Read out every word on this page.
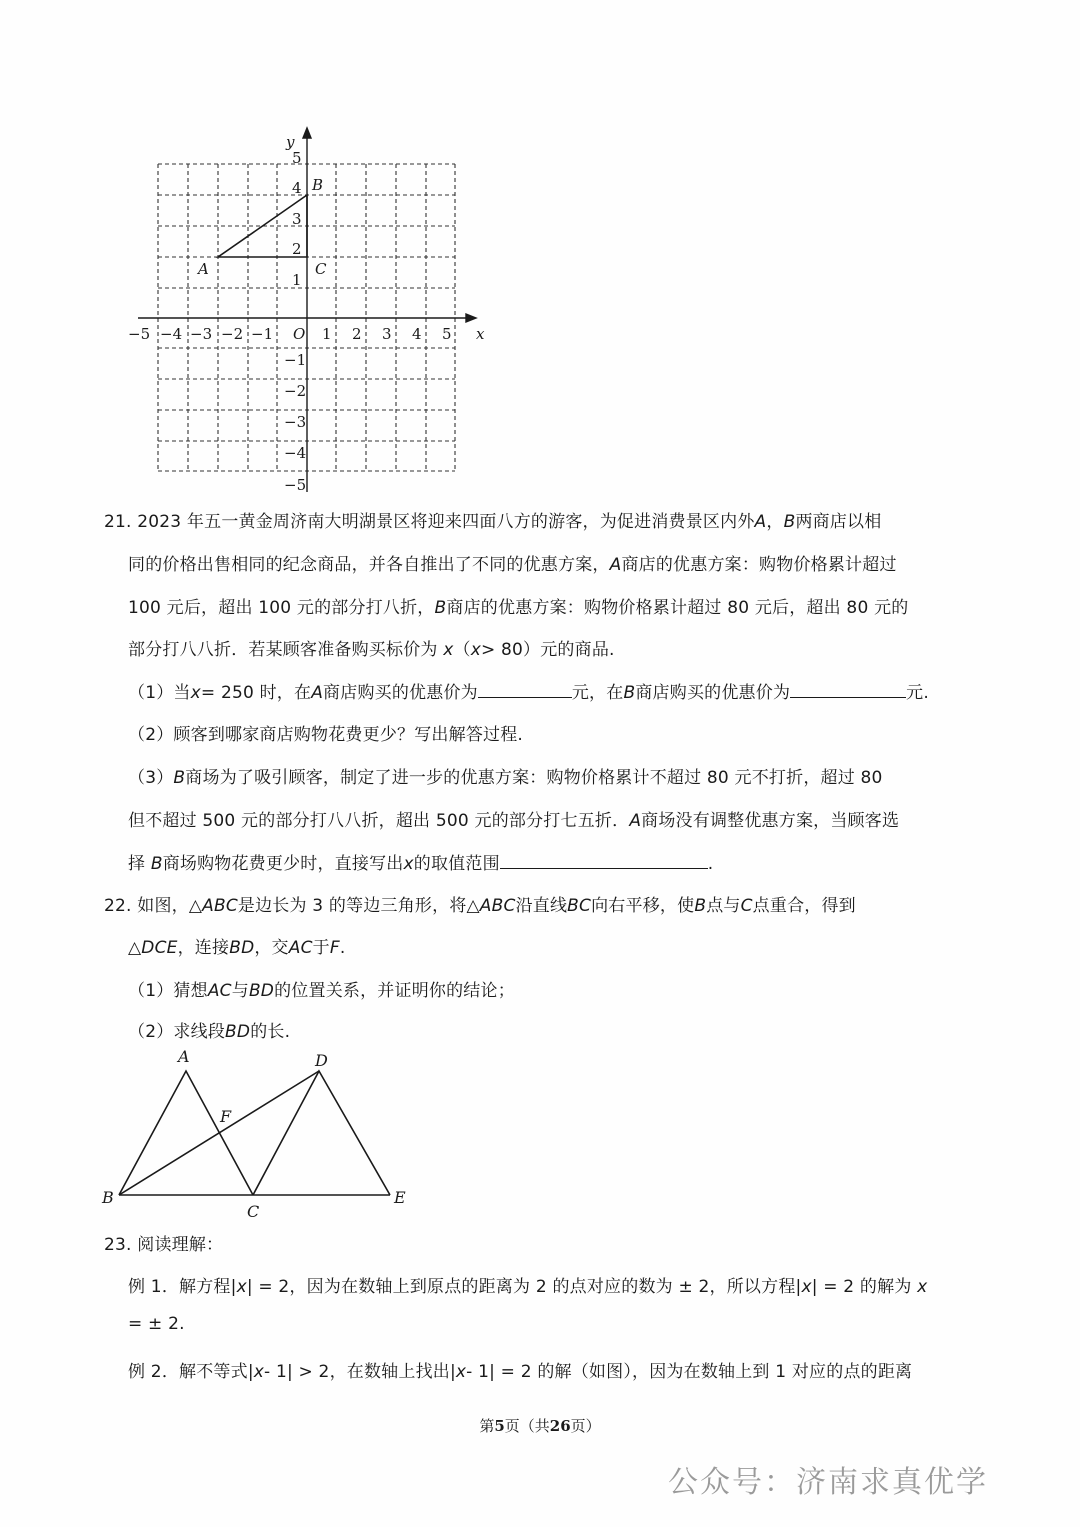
x
y
O
−5 −4 −3 −2 −1	1 2 3 4 5
1
2
3
4
5
−1
−2
−3
−4
−5
A
B
C
21. 2023 年五一黄金周济南大明湖景区将迎来四面八方的游客，为促进消费景区内外A，B两商店以相
同的价格出售相同的纪念商品，并各自推出了不同的优惠方案，A商店的优惠方案：购物价格累计超过
100 元后，超出 100 元的部分打八折，B商店的优惠方案：购物价格累计超过 80 元后，超出 80 元的
部分打八八折．若某顾客准备购买标价为 x（x> 80）元的商品.
（1）当x= 250 时，在A商店购买的优惠价为	元，在B商店购买的优惠价为	元.
（2）顾客到哪家商店购物花费更少？写出解答过程.
（3）B商场为了吸引顾客，制定了进一步的优惠方案：购物价格累计不超过 80 元不打折，超过 80
但不超过 500 元的部分打八八折，超出 500 元的部分打七五折．A商场没有调整优惠方案，当顾客选
择 B商场购物花费更少时，直接写出x的取值范围	.
22. 如图，△ABC是边长为 3 的等边三角形，将△ABC沿直线BC向右平移，使B点与C点重合，得到
△DCE，连接BD，交AC于F.
（1）猜想AC与BD的位置关系，并证明你的结论；
（2）求线段BD的长.
A	D
F
B
C
E
23. 阅读理解：
例 1．解方程|x| = 2，因为在数轴上到原点的距离为 2 的点对应的数为 ± 2，所以方程|x| = 2 的解为 x
= ± 2.
例 2．解不等式|x- 1| > 2，在数轴上找出|x- 1| = 2 的解（如图），因为在数轴上到 1 对应的点的距离
第5页（共26页）
公众号：济南求真优学
